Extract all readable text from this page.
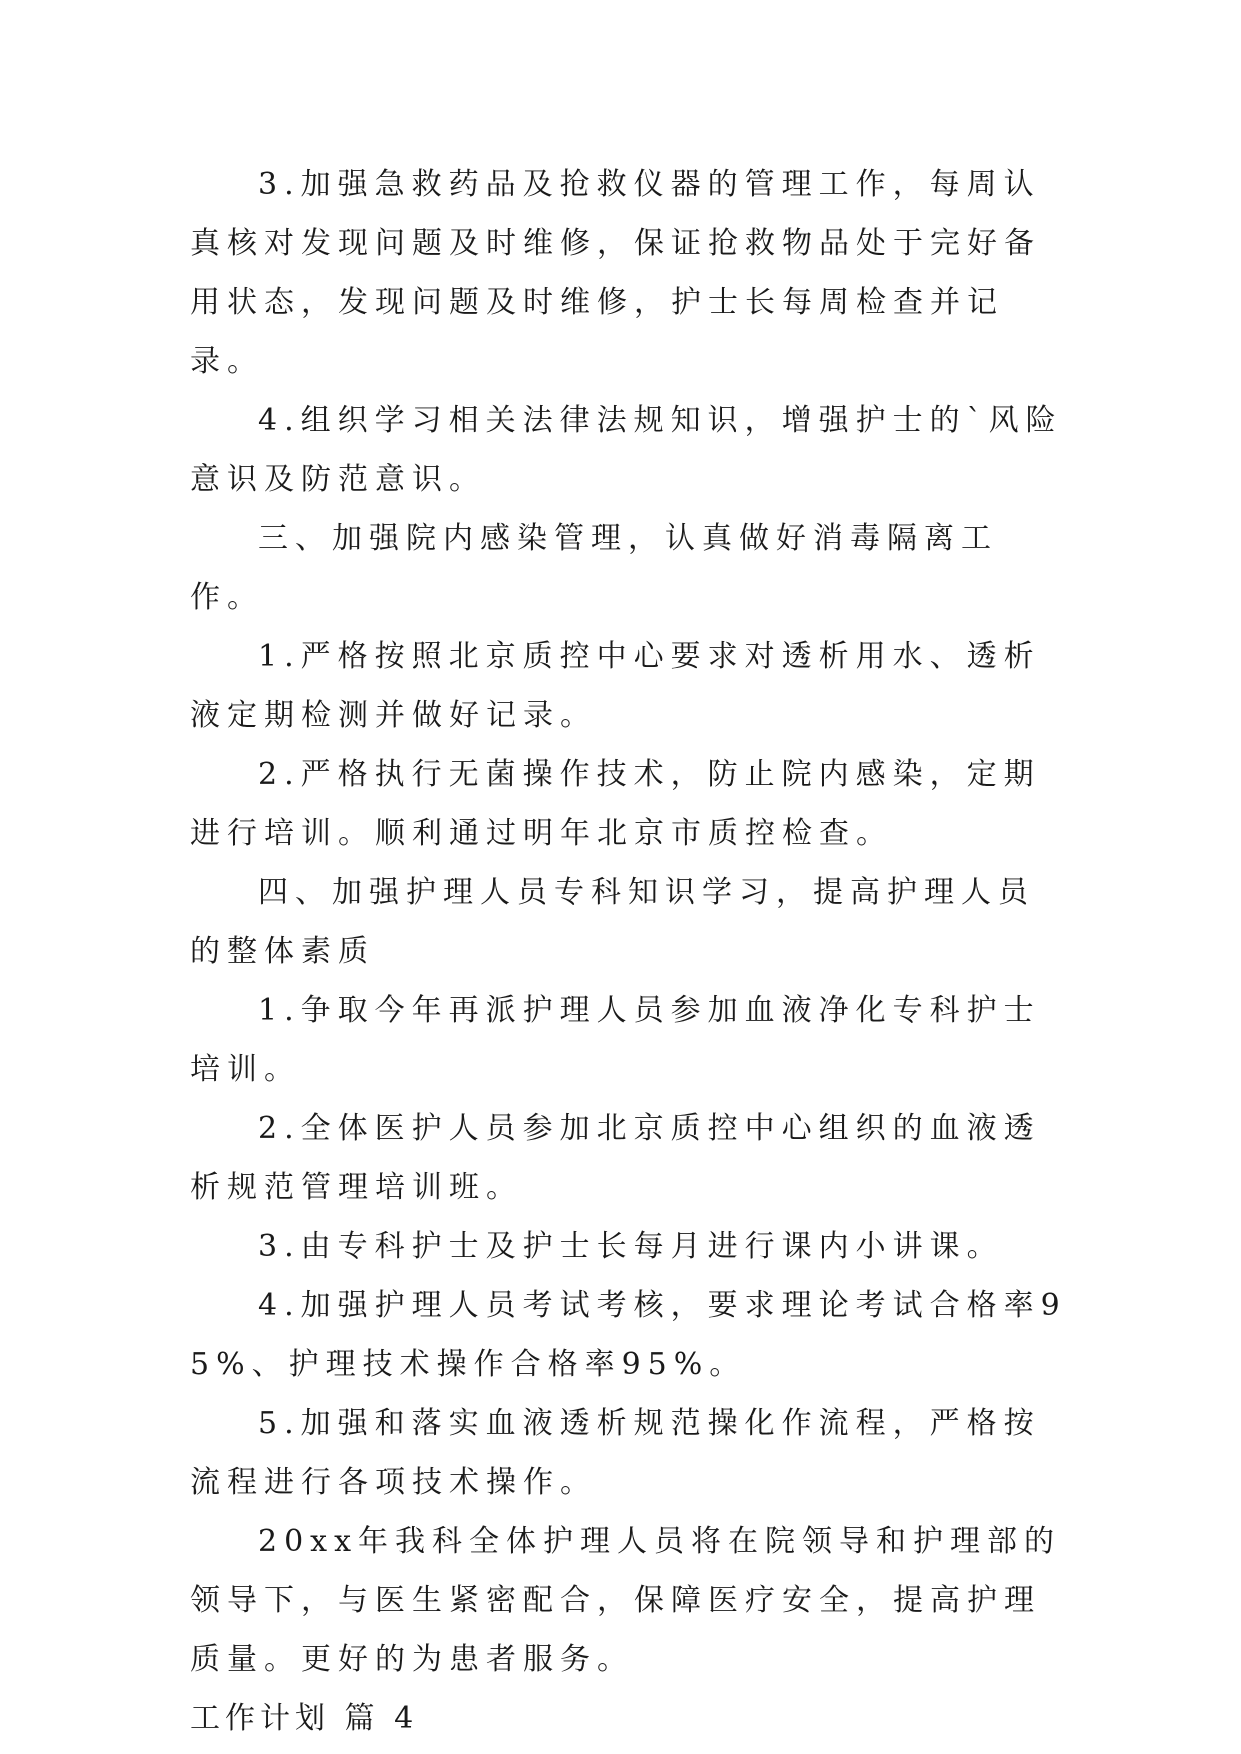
3.加强急救药品及抢救仪器的管理工作，每周认真核对发现问题及时维修，保证抢救物品处于完好备用状态，发现问题及时维修，护士长每周检查并记录。

4.组织学习相关法律法规知识，增强护士的`风险意识及防范意识。

三、加强院内感染管理，认真做好消毒隔离工作。

1.严格按照北京质控中心要求对透析用水、透析液定期检测并做好记录。

2.严格执行无菌操作技术，防止院内感染，定期进行培训。顺利通过明年北京市质控检查。

四、加强护理人员专科知识学习，提高护理人员的整体素质

1.争取今年再派护理人员参加血液净化专科护士培训。

2.全体医护人员参加北京质控中心组织的血液透析规范管理培训班。

3.由专科护士及护士长每月进行课内小讲课。

4.加强护理人员考试考核，要求理论考试合格率95%、护理技术操作合格率95%。

5.加强和落实血液透析规范操化作流程，严格按流程进行各项技术操作。

20xx年我科全体护理人员将在院领导和护理部的领导下，与医生紧密配合，保障医疗安全，提高护理质量。更好的为患者服务。

工作计划 篇 4
